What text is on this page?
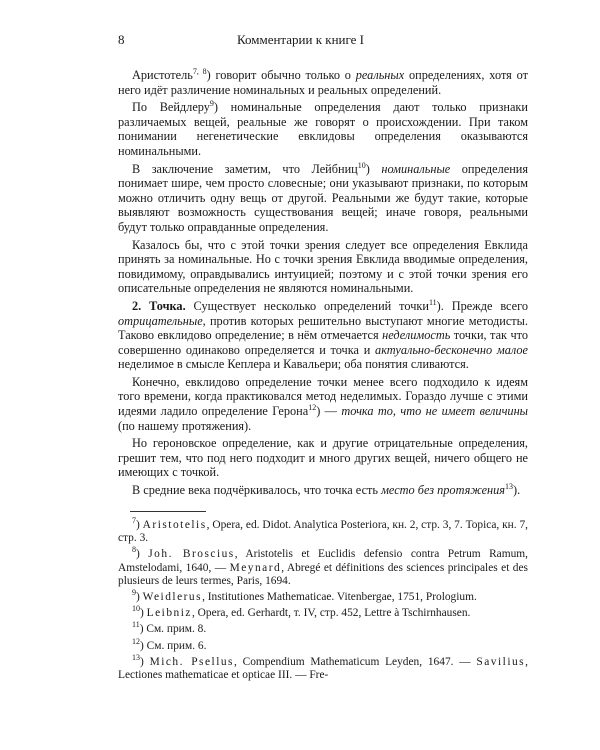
8	Комментарии к книге I

Аристотель$^{7, 8}$) говорит обычно только о реальных определениях, хотя от него идёт различение номинальных и реальных определений.

По Вейдлеру$^9$) номинальные определения дают только признаки различаемых вещей, реальные же говорят о происхождении. При таком понимании негенетические евклидовы определения оказываются номинальными.

В заключение заметим, что Лейбниц$^{10}$) номинальные определения понимает шире, чем просто словесные; они указывают признаки, по которым можно отличить одну вещь от другой. Реальными же будут такие, которые выявляют возможность существования вещей; иначе говоря, реальными будут только оправданные определения.

Казалось бы, что с этой точки зрения следует все определения Евклида принять за номинальные. Но с точки зрения Евклида вводимые определения, повидимому, оправдывались интуицией; поэтому и с этой точки зрения его описательные определения не являются номинальными.

2. Точка. Существует несколько определений точки$^{11}$). Прежде всего отрицательные, против которых решительно выступают многие методисты. Таково евклидово определение; в нём отмечается неделимость точки, так что совершенно одинаково определяется и точка и актуально-бесконечно малое неделимое в смысле Кеплера и Кавальери; оба понятия сливаются.

Конечно, евклидово определение точки менее всего подходило к идеям того времени, когда практиковался метод неделимых. Гораздо лучше с этими идеями ладило определение Герона$^{12}$) — точка то, что не имеет величины (по нашему протяжения).

Но героновское определение, как и другие отрицательные определения, грешит тем, что под него подходит и много других вещей, ничего общего не имеющих с точкой.

В средние века подчёркивалось, что точка есть место без протяжения$^{13}$).

$^7$) Aristotelis, Opera, ed. Didot. Analytica Posteriora, кн. 2, стр. 3, 7. Topica, кн. 7, стр. 3.

$^8$) Joh. Broscius, Aristotelis et Euclidis defensio contra Petrum Ramum, Amstelodami, 1640, — Meynard, Abregé et définitions des sciences principales et des plusieurs de leurs termes, Paris, 1694.

$^9$) Weidlerus, Institutiones Mathematicae. Vitenbergae, 1751, Prologium.

$^{10}$) Leibniz, Opera, ed. Gerhardt, т. IV, стр. 452, Lettre à Tschirnhausen.

$^{11}$) См. прим. 8.

$^{12}$) См. прим. 6.

$^{13}$) Mich. Psellus, Compendium Mathematicum Leyden, 1647. — Savilius, Lectiones mathematicae et opticae III. — Fre-
